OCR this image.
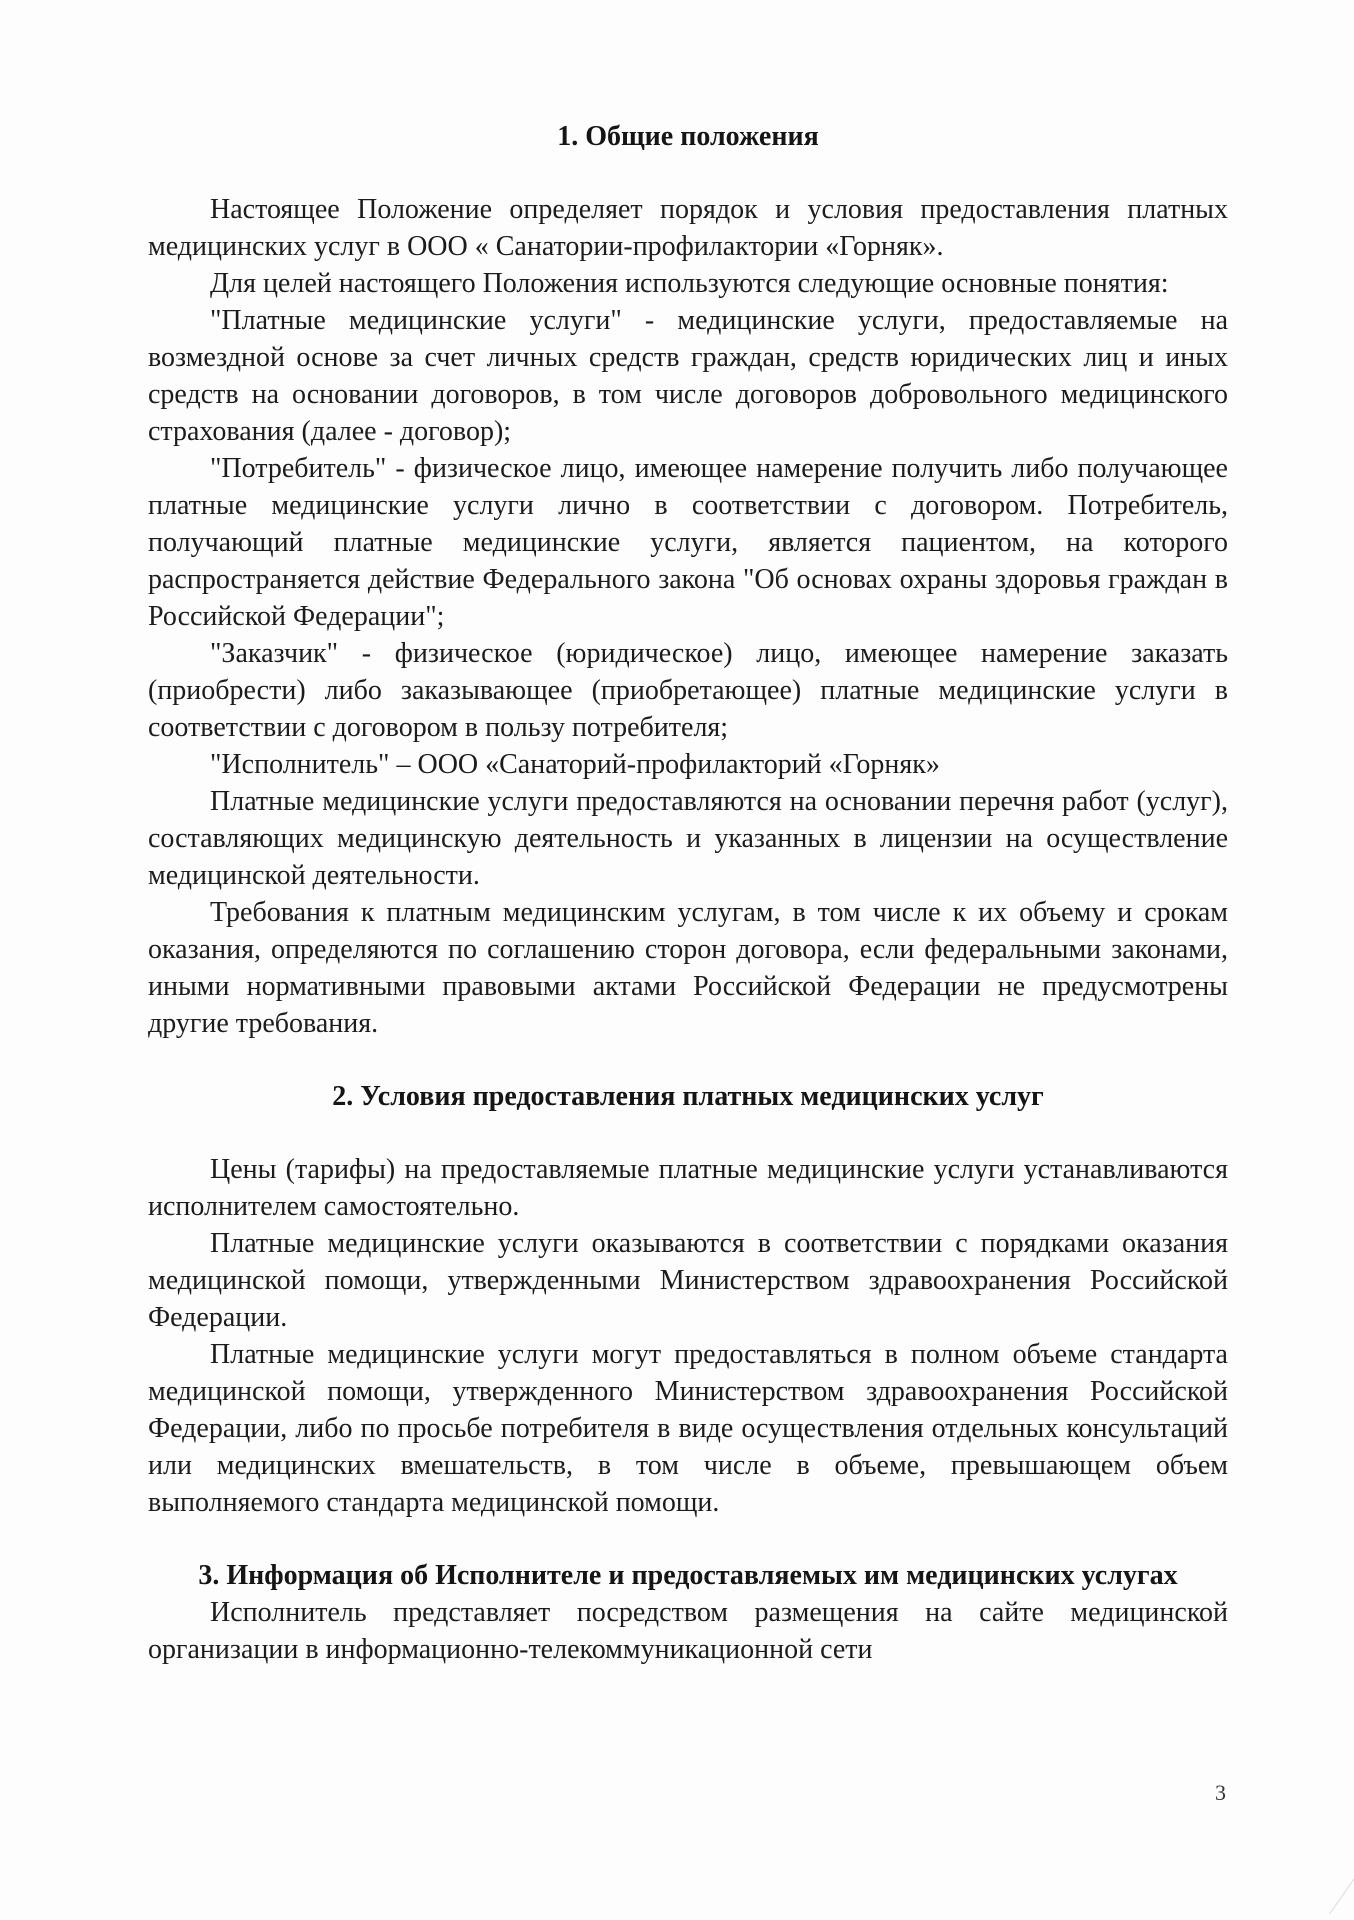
1. Общие положения

Настоящее Положение определяет порядок и условия предоставления платных медицинских услуг в ООО « Санатории-профилактории «Горняк».

Для целей настоящего Положения используются следующие основные понятия:

"Платные медицинские услуги" - медицинские услуги, предоставляемые на возмездной основе за счет личных средств граждан, средств юридических лиц и иных средств на основании договоров, в том числе договоров добровольного медицинского страхования (далее - договор);

"Потребитель" - физическое лицо, имеющее намерение получить либо получающее платные медицинские услуги лично в соответствии с договором. Потребитель, получающий платные медицинские услуги, является пациентом, на которого распространяется действие Федерального закона "Об основах охраны здоровья граждан в Российской Федерации";

"Заказчик" - физическое (юридическое) лицо, имеющее намерение заказать (приобрести) либо заказывающее (приобретающее) платные медицинские услуги в соответствии с договором в пользу потребителя;

"Исполнитель" – ООО «Санаторий-профилакторий «Горняк»

Платные медицинские услуги предоставляются на основании перечня работ (услуг), составляющих медицинскую деятельность и указанных в лицензии на осуществление медицинской деятельности.

Требования к платным медицинским услугам, в том числе к их объему и срокам оказания, определяются по соглашению сторон договора, если федеральными законами, иными нормативными правовыми актами Российской Федерации не предусмотрены другие требования.

2. Условия предоставления платных медицинских услуг

Цены (тарифы) на предоставляемые платные медицинские услуги устанавливаются исполнителем самостоятельно.

Платные медицинские услуги оказываются в соответствии с порядками оказания медицинской помощи, утвержденными Министерством здравоохранения Российской Федерации.

Платные медицинские услуги могут предоставляться в полном объеме стандарта медицинской помощи, утвержденного Министерством здравоохранения Российской Федерации, либо по просьбе потребителя в виде осуществления отдельных консультаций или медицинских вмешательств, в том числе в объеме, превышающем объем выполняемого стандарта медицинской помощи.

3. Информация об Исполнителе и предоставляемых им медицинских услугах

Исполнитель представляет посредством размещения на сайте медицинской организации в информационно-телекоммуникационной сети

3
